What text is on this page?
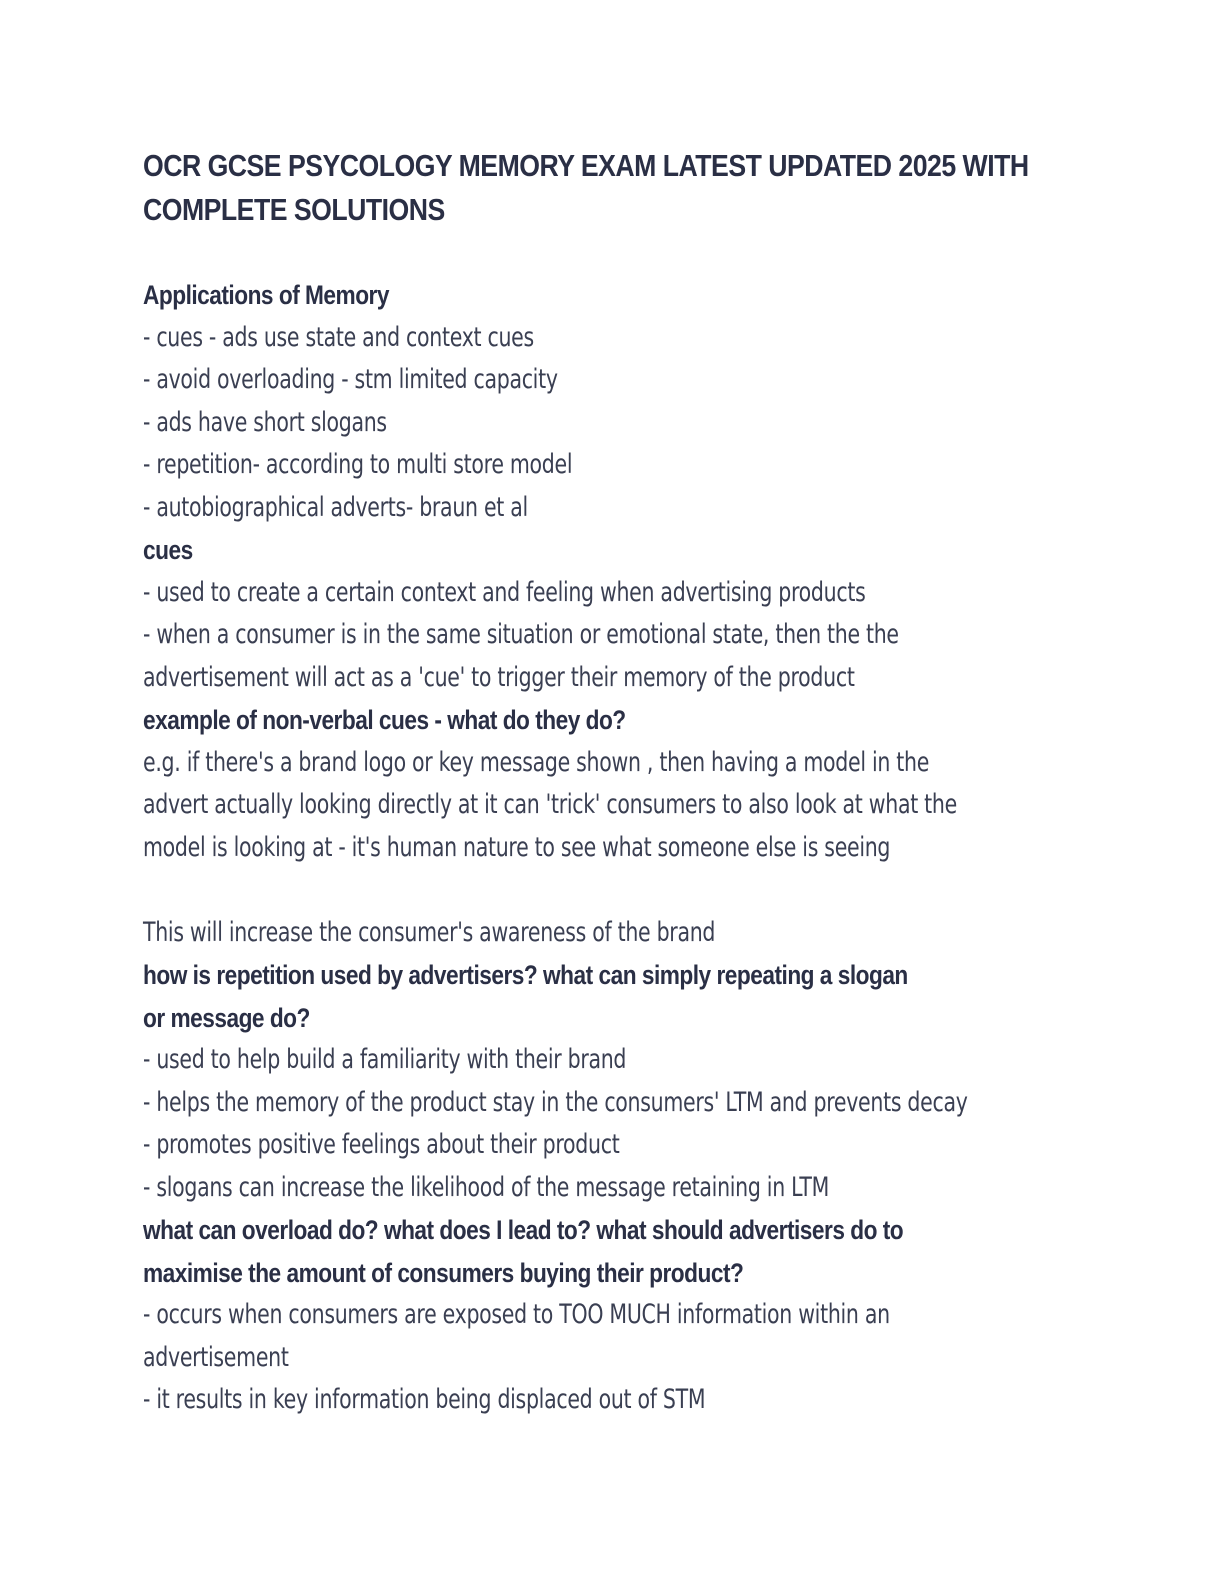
OCR GCSE PSYCOLOGY MEMORY EXAM LATEST UPDATED 2025 WITH
COMPLETE SOLUTIONS
Applications of Memory
- cues - ads use state and context cues
- avoid overloading - stm limited capacity
- ads have short slogans
- repetition- according to multi store model
- autobiographical adverts- braun et al
cues
- used to create a certain context and feeling when advertising products
- when a consumer is in the same situation or emotional state, then the the
advertisement will act as a 'cue' to trigger their memory of the product
example of non-verbal cues - what do they do?
e.g. if there's a brand logo or key message shown , then having a model in the
advert actually looking directly at it can 'trick' consumers to also look at what the
model is looking at - it's human nature to see what someone else is seeing
This will increase the consumer's awareness of the brand
how is repetition used by advertisers? what can simply repeating a slogan
or message do?
- used to help build a familiarity with their brand
- helps the memory of the product stay in the consumers' LTM and prevents decay
- promotes positive feelings about their product
- slogans can increase the likelihood of the message retaining in LTM
what can overload do? what does I lead to? what should advertisers do to
maximise the amount of consumers buying their product?
- occurs when consumers are exposed to TOO MUCH information within an
advertisement
- it results in key information being displaced out of STM
